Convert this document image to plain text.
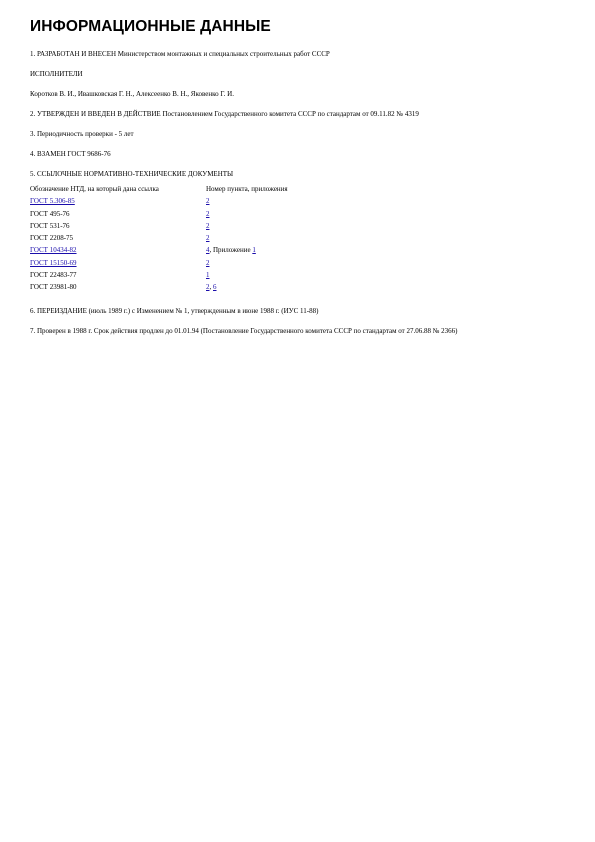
ИНФОРМАЦИОННЫЕ ДАННЫЕ

1. РАЗРАБОТАН И ВНЕСЕН Министерством монтажных и специальных строительных работ СССР

ИСПОЛНИТЕЛИ

Коротков В. И., Ивашковская Г. Н., Алексеенко В. Н., Яковенко Г. И.

2. УТВЕРЖДЕН И ВВЕДЕН В ДЕЙСТВИЕ Постановлением Государственного комитета СССР по стандартам от 09.11.82 № 4319

3. Периодичность проверки - 5 лет

4. ВЗАМЕН ГОСТ 9686-76

5. ССЫЛОЧНЫЕ НОРМАТИВНО-ТЕХНИЧЕСКИЕ ДОКУМЕНТЫ

Обозначение НТД, на который дана ссылка	Номер пункта, приложения
ГОСТ 5.306-85	2
ГОСТ 495-76	2
ГОСТ 531-76	2
ГОСТ 2208-75	2
ГОСТ 10434-82	4, Приложение 1
ГОСТ 15150-69	2
ГОСТ 22483-77	1
ГОСТ 23981-80	2, 6

6. ПЕРЕИЗДАНИЕ (июль 1989 г.) с Изменением № 1, утвержденным в июне 1988 г. (ИУС 11-88)

7. Проверен в 1988 г. Срок действия продлен до 01.01.94 (Постановление Государственного комитета СССР по стандартам от 27.06.88 № 2366)
